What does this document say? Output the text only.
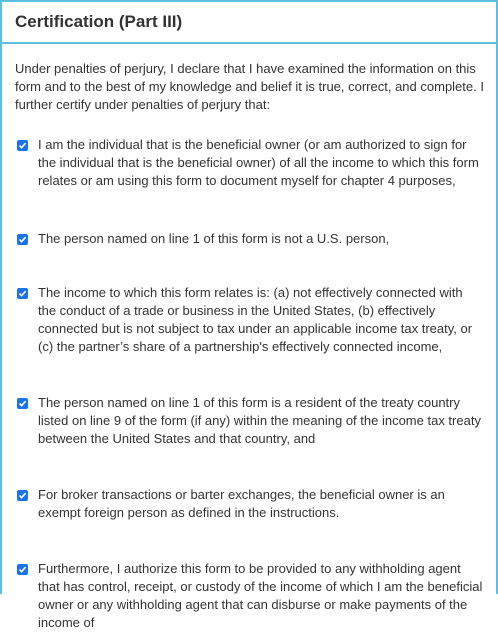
Certification (Part III)

Under penalties of perjury, I declare that I have examined the information on this form and to the best of my knowledge and belief it is true, correct, and complete. I further certify under penalties of perjury that:

I am the individual that is the beneficial owner (or am authorized to sign for the individual that is the beneficial owner) of all the income to which this form relates or am using this form to document myself for chapter 4 purposes,
The person named on line 1 of this form is not a U.S. person,
The income to which this form relates is: (a) not effectively connected with the conduct of a trade or business in the United States, (b) effectively connected but is not subject to tax under an applicable income tax treaty, or (c) the partner’s share of a partnership's effectively connected income,
The person named on line 1 of this form is a resident of the treaty country listed on line 9 of the form (if any) within the meaning of the income tax treaty between the United States and that country, and
For broker transactions or barter exchanges, the beneficial owner is an exempt foreign person as defined in the instructions.
Furthermore, I authorize this form to be provided to any withholding agent that has control, receipt, or custody of the income of which I am the beneficial owner or any withholding agent that can disburse or make payments of the income of
